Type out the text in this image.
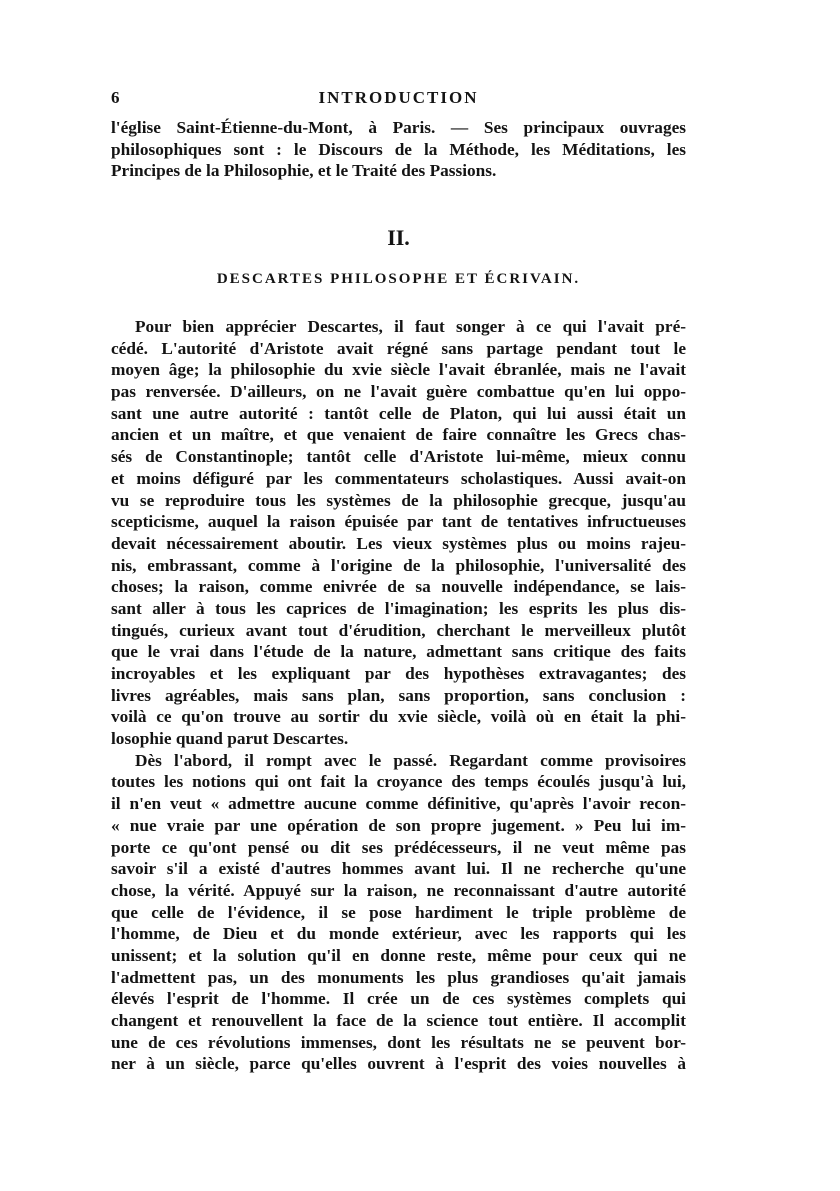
6	INTRODUCTION
l'église Saint-Étienne-du-Mont, à Paris. — Ses principaux ouvrages
philosophiques sont : le Discours de la Méthode, les Méditations, les
Principes de la Philosophie, et le Traité des Passions.
II.
DESCARTES PHILOSOPHE ET ÉCRIVAIN.
Pour bien apprécier Descartes, il faut songer à ce qui l'avait pré-
cédé. L'autorité d'Aristote avait régné sans partage pendant tout le
moyen âge; la philosophie du xvie siècle l'avait ébranlée, mais ne l'avait
pas renversée. D'ailleurs, on ne l'avait guère combattue qu'en lui oppo-
sant une autre autorité : tantôt celle de Platon, qui lui aussi était un
ancien et un maître, et que venaient de faire connaître les Grecs chas-
sés de Constantinople; tantôt celle d'Aristote lui-même, mieux connu
et moins défiguré par les commentateurs scholastiques. Aussi avait-on
vu se reproduire tous les systèmes de la philosophie grecque, jusqu'au
scepticisme, auquel la raison épuisée par tant de tentatives infructueuses
devait nécessairement aboutir. Les vieux systèmes plus ou moins rajeu-
nis, embrassant, comme à l'origine de la philosophie, l'universalité des
choses; la raison, comme enivrée de sa nouvelle indépendance, se lais-
sant aller à tous les caprices de l'imagination; les esprits les plus dis-
tingués, curieux avant tout d'érudition, cherchant le merveilleux plutôt
que le vrai dans l'étude de la nature, admettant sans critique des faits
incroyables et les expliquant par des hypothèses extravagantes; des
livres agréables, mais sans plan, sans proportion, sans conclusion :
voilà ce qu'on trouve au sortir du xvie siècle, voilà où en était la phi-
losophie quand parut Descartes.
Dès l'abord, il rompt avec le passé. Regardant comme provisoires
toutes les notions qui ont fait la croyance des temps écoulés jusqu'à lui,
il n'en veut « admettre aucune comme définitive, qu'après l'avoir recon-
« nue vraie par une opération de son propre jugement. » Peu lui im-
porte ce qu'ont pensé ou dit ses prédécesseurs, il ne veut même pas
savoir s'il a existé d'autres hommes avant lui. Il ne recherche qu'une
chose, la vérité. Appuyé sur la raison, ne reconnaissant d'autre autorité
que celle de l'évidence, il se pose hardiment le triple problème de
l'homme, de Dieu et du monde extérieur, avec les rapports qui les
unissent; et la solution qu'il en donne reste, même pour ceux qui ne
l'admettent pas, un des monuments les plus grandioses qu'ait jamais
élevés l'esprit de l'homme. Il crée un de ces systèmes complets qui
changent et renouvellent la face de la science tout entière. Il accomplit
une de ces révolutions immenses, dont les résultats ne se peuvent bor-
ner à un siècle, parce qu'elles ouvrent à l'esprit des voies nouvelles à
